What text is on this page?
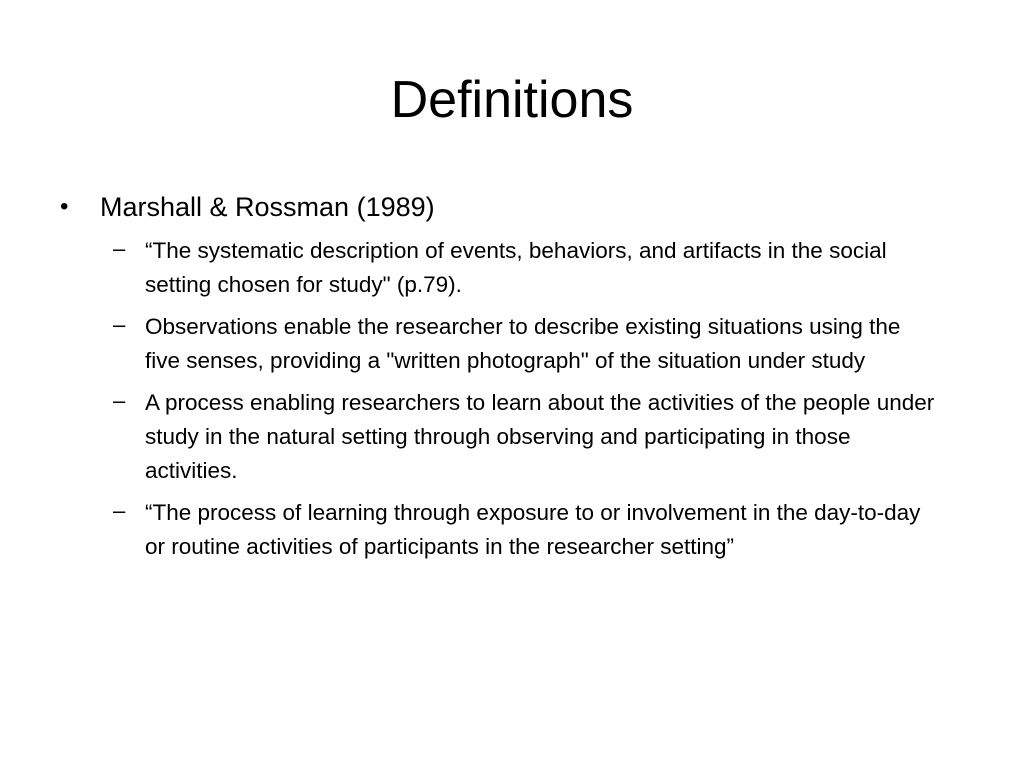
Definitions
• Marshall & Rossman (1989)
– “The systematic description of events, behaviors, and artifacts in the social setting chosen for study" (p.79).
– Observations enable the researcher to describe existing situations using the five senses, providing a "written photograph" of the situation under study
– A process enabling researchers to learn about the activities of the people under study in the natural setting through observing and participating in those activities.
– “The process of learning through exposure to or involvement in the day-to-day or routine activities of participants in the researcher setting”
